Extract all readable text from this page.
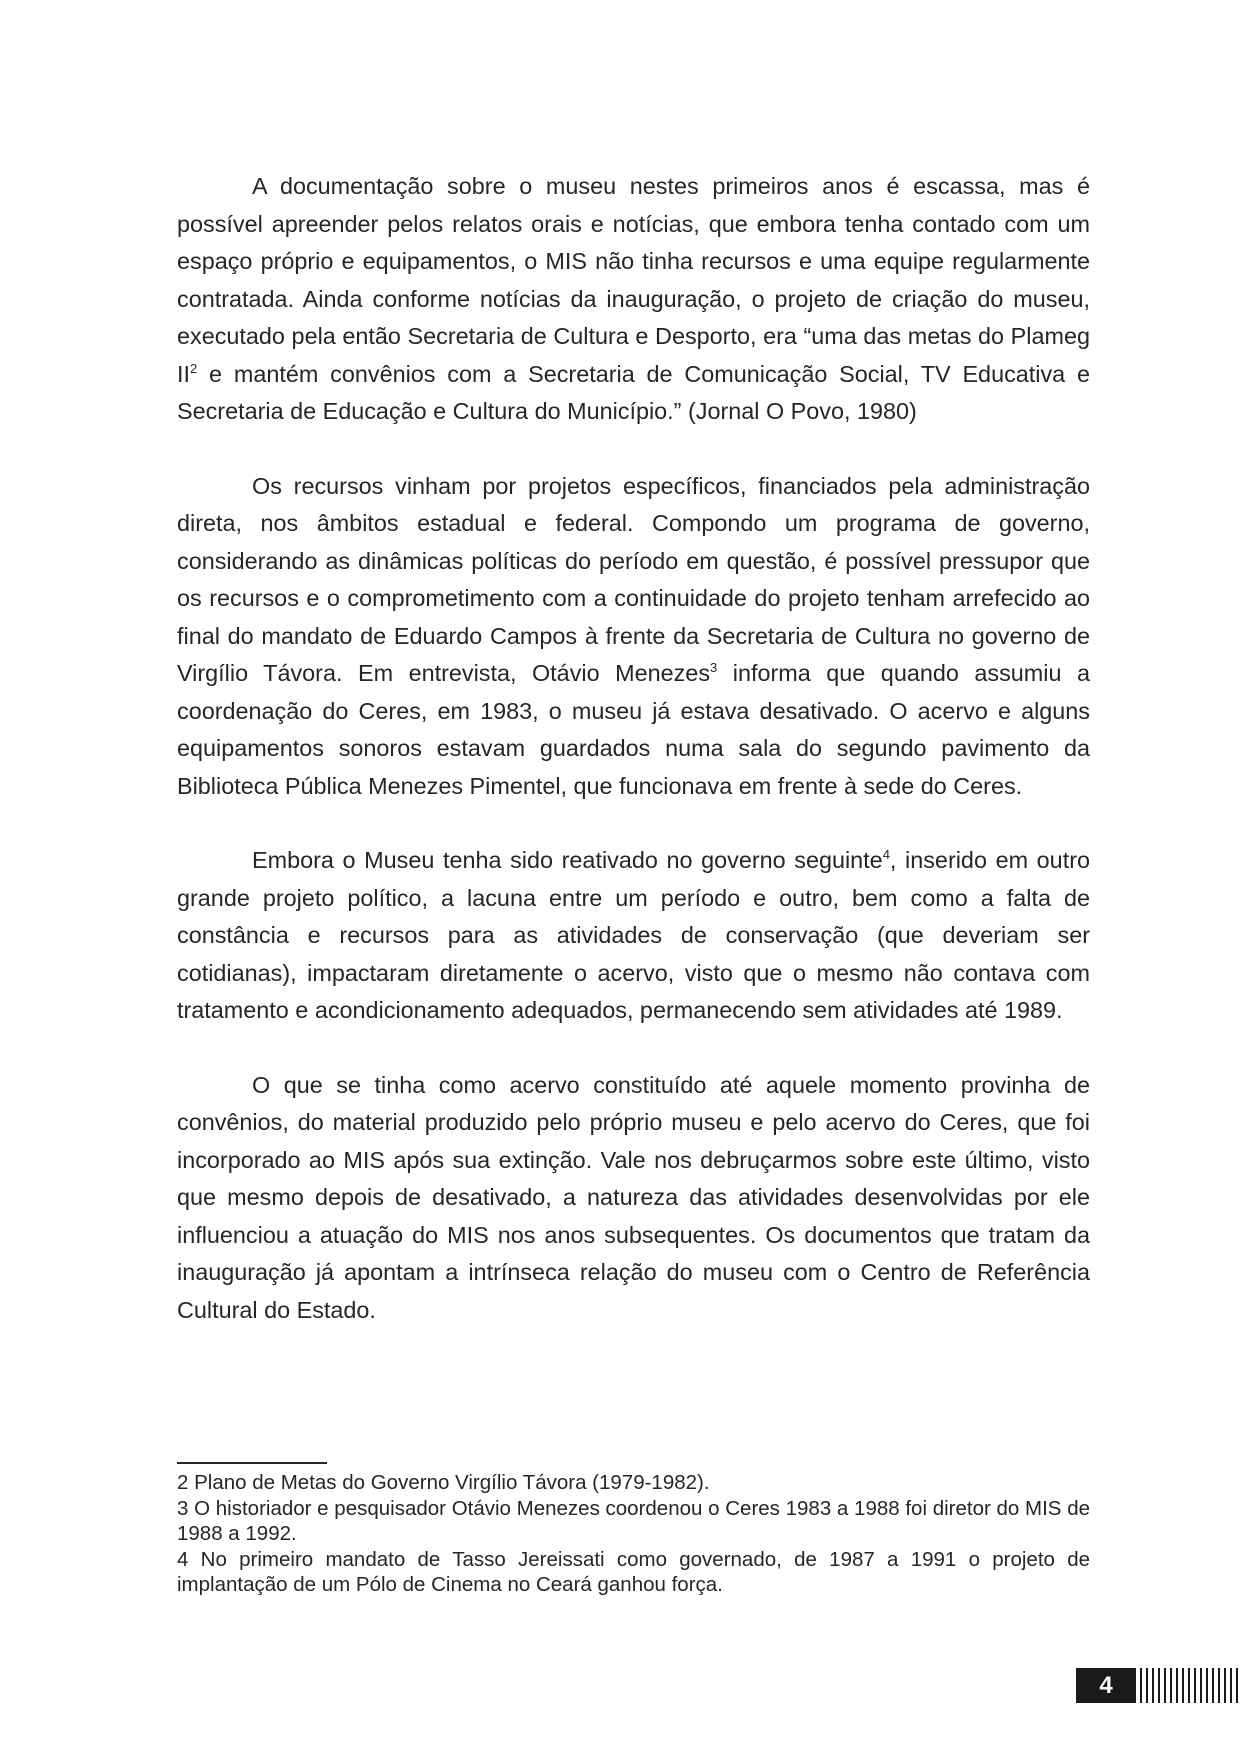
A documentação sobre o museu nestes primeiros anos é escassa, mas é possível apreender pelos relatos orais e notícias, que embora tenha contado com um espaço próprio e equipamentos, o MIS não tinha recursos e uma equipe regularmente contratada. Ainda conforme notícias da inauguração, o projeto de criação do museu, executado pela então Secretaria de Cultura e Desporto, era “uma das metas do Plameg $II^2$ e mantém convênios com a Secretaria de Comunicação Social, TV Educativa e Secretaria de Educação e Cultura do Município.” (Jornal O Povo, 1980)

Os recursos vinham por projetos específicos, financiados pela administração direta, nos âmbitos estadual e federal. Compondo um programa de governo, considerando as dinâmicas políticas do período em questão, é possível pressupor que os recursos e o comprometimento com a continuidade do projeto tenham arrefecido ao final do mandato de Eduardo Campos à frente da Secretaria de Cultura no governo de Virgílio Távora. Em entrevista, Otávio Menezes$^3$ informa que quando assumiu a coordenação do Ceres, em 1983, o museu já estava desativado. O acervo e alguns equipamentos sonoros estavam guardados numa sala do segundo pavimento da Biblioteca Pública Menezes Pimentel, que funcionava em frente à sede do Ceres.

Embora o Museu tenha sido reativado no governo seguinte$^4$, inserido em outro grande projeto político, a lacuna entre um período e outro, bem como a falta de constância e recursos para as atividades de conservação (que deveriam ser cotidianas), impactaram diretamente o acervo, visto que o mesmo não contava com tratamento e acondicionamento adequados, permanecendo sem atividades até 1989.

O que se tinha como acervo constituído até aquele momento provinha de convênios, do material produzido pelo próprio museu e pelo acervo do Ceres, que foi incorporado ao MIS após sua extinção. Vale nos debruçarmos sobre este último, visto que mesmo depois de desativado, a natureza das atividades desenvolvidas por ele influenciou a atuação do MIS nos anos subsequentes. Os documentos que tratam da inauguração já apontam a intrínseca relação do museu com o Centro de Referência Cultural do Estado.

2 Plano de Metas do Governo Virgílio Távora (1979-1982).

3 O historiador e pesquisador Otávio Menezes coordenou o Ceres 1983 a 1988 foi diretor do MIS de 1988 a 1992.

4 No primeiro mandato de Tasso Jereissati como governado, de 1987 a 1991 o projeto de implantação de um Pólo de Cinema no Ceará ganhou força.

4
